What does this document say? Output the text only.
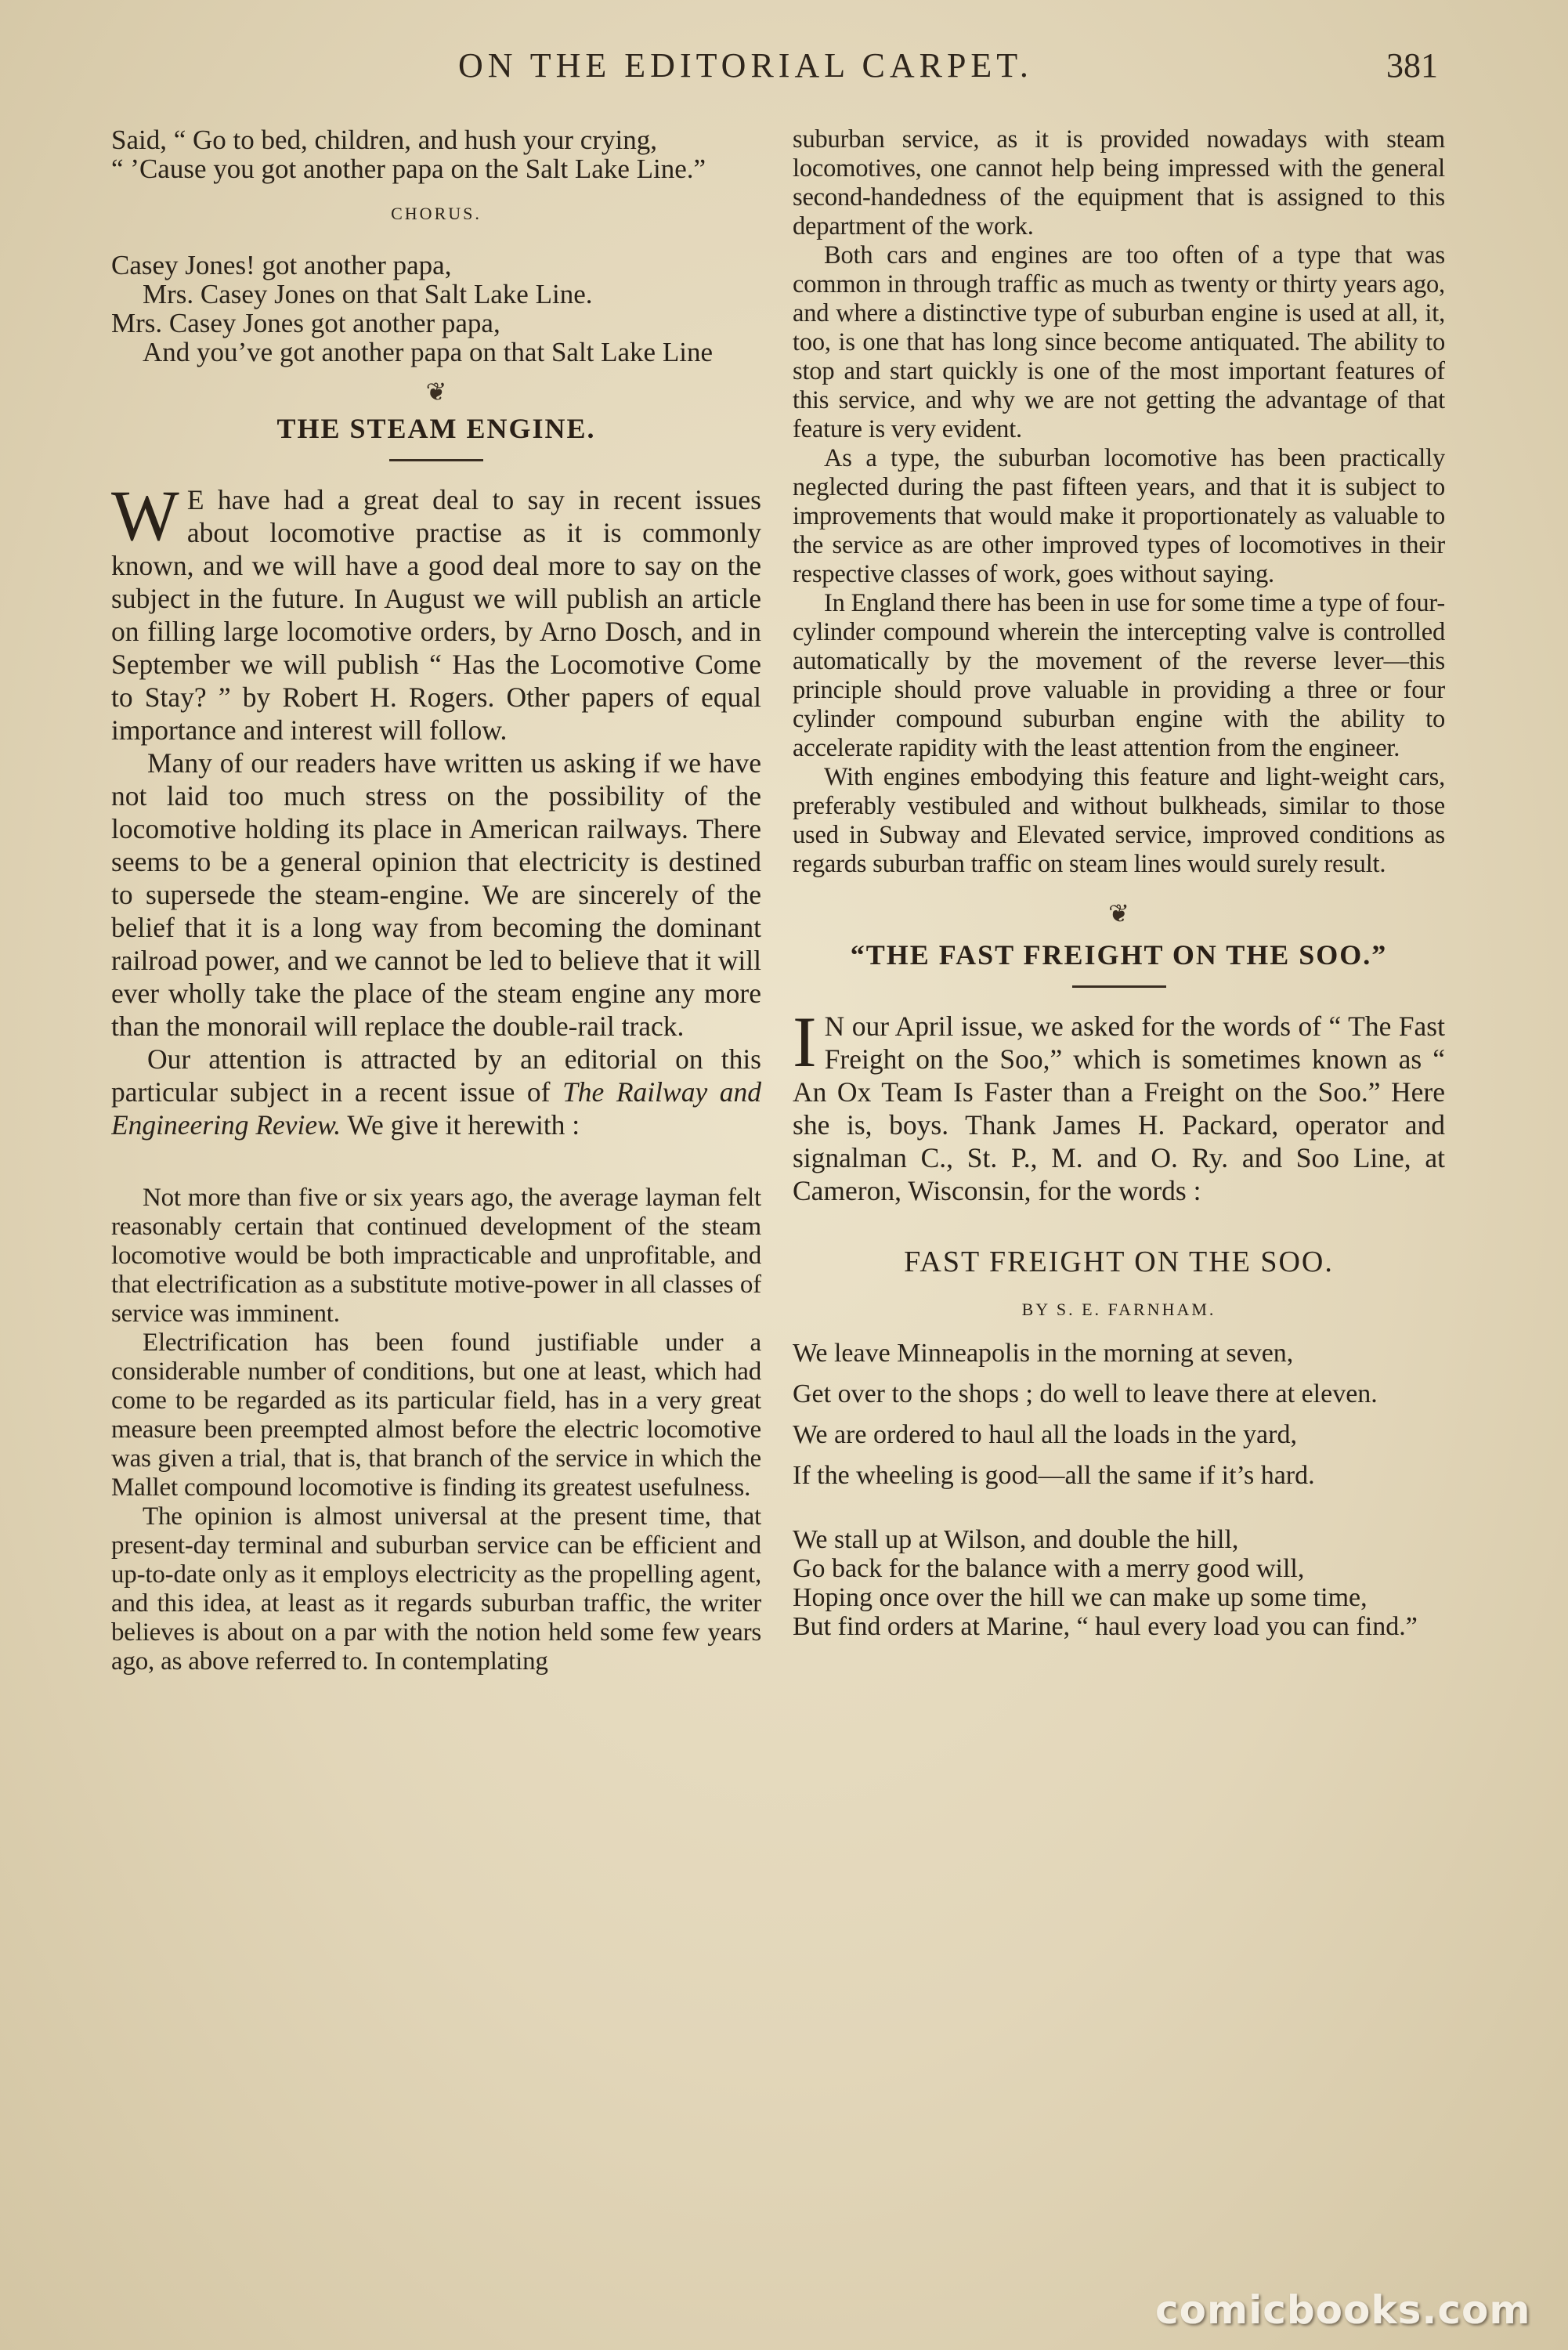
ON THE EDITORIAL CARPET.	381
Said, “ Go to bed, children, and hush your crying,
“ ’Cause you got another papa on the Salt Lake Line.”
CHORUS.
Casey Jones! got another papa,
Mrs. Casey Jones on that Salt Lake Line.
Mrs. Casey Jones got another papa,
And you’ve got another papa on that Salt Lake Line
❦
THE STEAM ENGINE.

W E have had a great deal to say in recent issues about locomotive practise as it is commonly known, and we will have a good deal more to say on the subject in the future. In August we will publish an article on filling large locomotive orders, by Arno Dosch, and in September we will publish “ Has the Locomotive Come to Stay? ” by Robert H. Rogers. Other papers of equal importance and interest will follow.

Many of our readers have written us asking if we have not laid too much stress on the possibility of the locomotive holding its place in American railways. There seems to be a general opinion that electricity is destined to supersede the steam-engine. We are sincerely of the belief that it is a long way from becoming the dominant railroad power, and we cannot be led to believe that it will ever wholly take the place of the steam engine any more than the monorail will replace the double-rail track.

Our attention is attracted by an editorial on this particular subject in a recent issue of The Railway and Engineering Review. We give it herewith :

Not more than five or six years ago, the average layman felt reasonably certain that continued development of the steam locomotive would be both impracticable and unprofitable, and that electrification as a substitute motive-power in all classes of service was imminent.

Electrification has been found justifiable under a considerable number of conditions, but one at least, which had come to be regarded as its particular field, has in a very great measure been preempted almost before the electric locomotive was given a trial, that is, that branch of the service in which the Mallet compound locomotive is finding its greatest usefulness.

The opinion is almost universal at the present time, that present-day terminal and suburban service can be efficient and up-to-date only as it employs electricity as the propelling agent, and this idea, at least as it regards suburban traffic, the writer believes is about on a par with the notion held some few years ago, as above referred to. In contemplating

suburban service, as it is provided nowadays with steam locomotives, one cannot help being impressed with the general second-handedness of the equipment that is assigned to this department of the work.

Both cars and engines are too often of a type that was common in through traffic as much as twenty or thirty years ago, and where a distinctive type of suburban engine is used at all, it, too, is one that has long since become antiquated. The ability to stop and start quickly is one of the most important features of this service, and why we are not getting the advantage of that feature is very evident.

As a type, the suburban locomotive has been practically neglected during the past fifteen years, and that it is subject to improvements that would make it proportionately as valuable to the service as are other improved types of locomotives in their respective classes of work, goes without saying.

In England there has been in use for some time a type of four-cylinder compound wherein the intercepting valve is controlled automatically by the movement of the reverse lever—this principle should prove valuable in providing a three or four cylinder compound suburban engine with the ability to accelerate rapidity with the least attention from the engineer.

With engines embodying this feature and light-weight cars, preferably vestibuled and without bulkheads, similar to those used in Subway and Elevated service, improved conditions as regards suburban traffic on steam lines would surely result.

❦
“THE FAST FREIGHT ON THE SOO.”

I N our April issue, we asked for the words of “ The Fast Freight on the Soo,” which is sometimes known as “ An Ox Team Is Faster than a Freight on the Soo.” Here she is, boys. Thank James H. Packard, operator and signalman C., St. P., M. and O. Ry. and Soo Line, at Cameron, Wisconsin, for the words :

FAST FREIGHT ON THE SOO.
BY S. E. FARNHAM.
We leave Minneapolis in the morning at seven,
Get over to the shops ; do well to leave there at eleven.
We are ordered to haul all the loads in the yard,
If the wheeling is good—all the same if it’s hard.
We stall up at Wilson, and double the hill,
Go back for the balance with a merry good will,
Hoping once over the hill we can make up some time,
But find orders at Marine, “ haul every load you can find.”
comicbooks.com
